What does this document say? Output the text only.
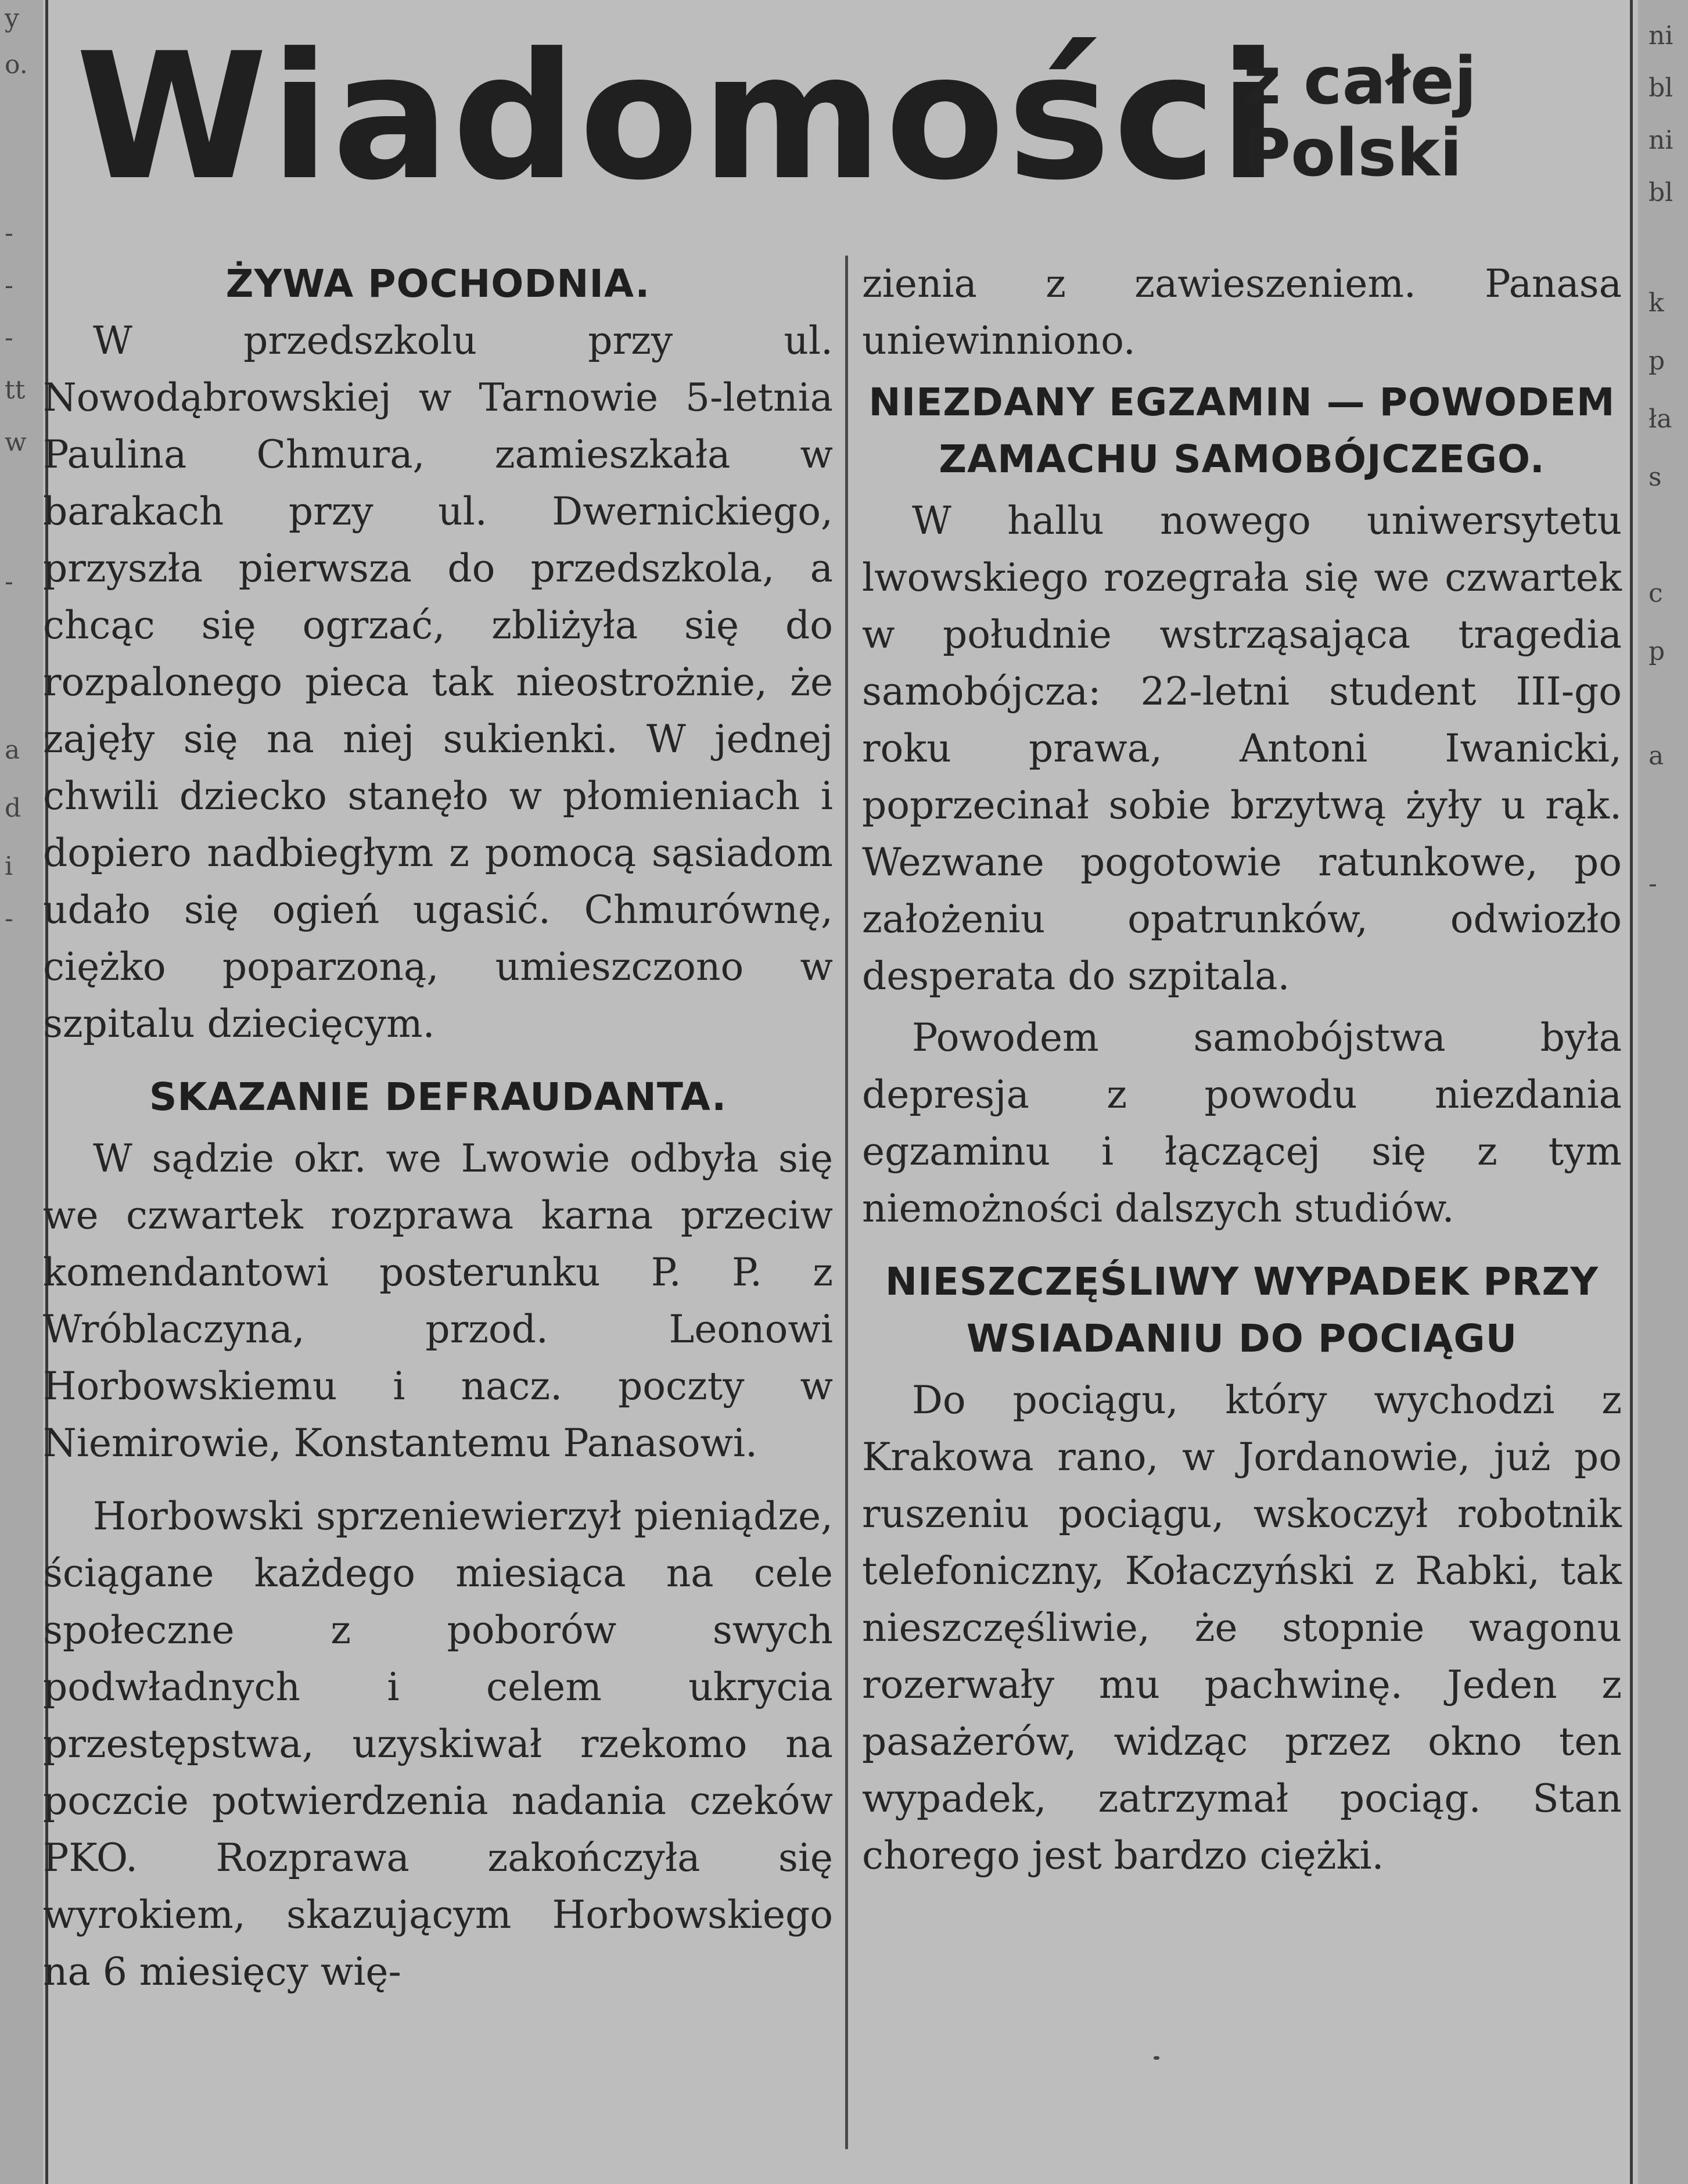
y
o.
-
-
-
tt
w
-
a
d
i
-
ni
bl
ni
bl
k
p
ła
s
c
p
a
-
Wiadomości
z całej
Polski
ŻYWA POCHODNIA.

W przedszkolu przy ul. Nowodąbrowskiej w Tarnowie 5-letnia Paulina Chmura, zamieszkała w barakach przy ul. Dwernickiego, przyszła pierwsza do przedszkola, a chcąc się ogrzać, zbliżyła się do rozpalonego pieca tak nieostrożnie, że zajęły się na niej sukienki. W jednej chwili dziecko stanęło w płomieniach i dopiero nadbiegłym z pomocą sąsiadom udało się ogień ugasić. Chmurównę, ciężko poparzoną, umieszczono w szpitalu dziecięcym.

SKAZANIE DEFRAUDANTA.

W sądzie okr. we Lwowie odbyła się we czwartek rozprawa karna przeciw komendantowi posterunku P. P. z Wróblaczyna, przod. Leonowi Horbowskiemu i nacz. poczty w Niemirowie, Konstantemu Panasowi.

Horbowski sprzeniewierzył pieniądze, ściągane każdego miesiąca na cele społeczne z poborów swych podwładnych i celem ukrycia przestępstwa, uzyskiwał rzekomo na poczcie potwierdzenia nadania czeków PKO. Rozprawa zakończyła się wyrokiem, skazującym Horbowskiego na 6 miesięcy wię-

zienia z zawieszeniem. Panasa uniewinniono.

NIEZDANY EGZAMIN — POWODEM ZAMACHU SAMOBÓJCZEGO.

W hallu nowego uniwersytetu lwowskiego rozegrała się we czwartek w południe wstrząsająca tragedia samobójcza: 22-letni student III-go roku prawa, Antoni Iwanicki, poprzecinał sobie brzytwą żyły u rąk. Wezwane pogotowie ratunkowe, po założeniu opatrunków, odwiozło desperata do szpitala.

Powodem samobójstwa była depresja z powodu niezdania egzaminu i łączącej się z tym niemożności dalszych studiów.

NIESZCZĘŚLIWY WYPADEK PRZY WSIADANIU DO POCIĄGU

Do pociągu, który wychodzi z Krakowa rano, w Jordanowie, już po ruszeniu pociągu, wskoczył robotnik telefoniczny, Kołaczyński z Rabki, tak nieszczęśliwie, że stopnie wagonu rozerwały mu pachwinę. Jeden z pasażerów, widząc przez okno ten wypadek, zatrzymał pociąg. Stan chorego jest bardzo ciężki.
